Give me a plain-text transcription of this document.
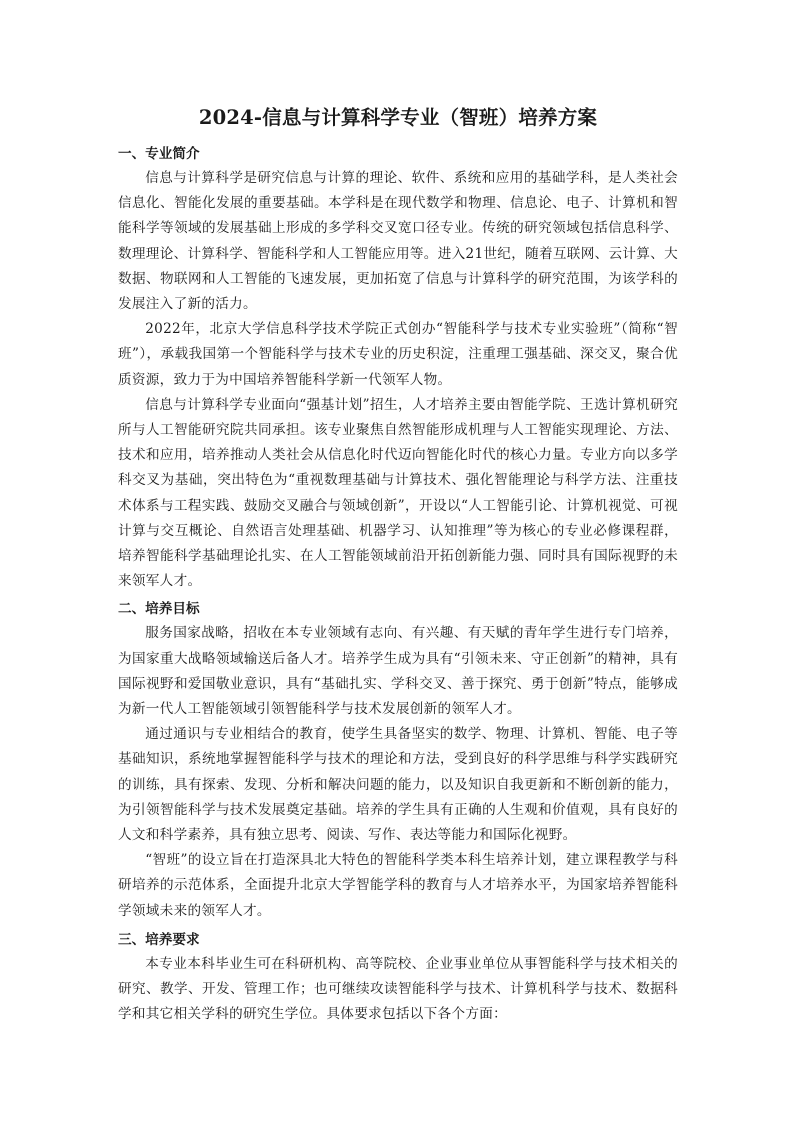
2024-信息与计算科学专业（智班）培养方案
一、专业简介

信息与计算科学是研究信息与计算的理论、软件、系统和应用的基础学科，是人类社会信息化、智能化发展的重要基础。本学科是在现代数学和物理、信息论、电子、计算机和智能科学等领域的发展基础上形成的多学科交叉宽口径专业。传统的研究领域包括信息科学、数理理论、计算科学、智能科学和人工智能应用等。进入21世纪，随着互联网、云计算、大数据、物联网和人工智能的飞速发展，更加拓宽了信息与计算科学的研究范围，为该学科的发展注入了新的活力。

2022年，北京大学信息科学技术学院正式创办“智能科学与技术专业实验班”（简称“智班”），承载我国第一个智能科学与技术专业的历史积淀，注重理工强基础、深交叉，聚合优质资源，致力于为中国培养智能科学新一代领军人物。

信息与计算科学专业面向“强基计划”招生，人才培养主要由智能学院、王选计算机研究所与人工智能研究院共同承担。该专业聚焦自然智能形成机理与人工智能实现理论、方法、技术和应用，培养推动人类社会从信息化时代迈向智能化时代的核心力量。专业方向以多学科交叉为基础，突出特色为“重视数理基础与计算技术、强化智能理论与科学方法、注重技术体系与工程实践、鼓励交叉融合与领域创新”，开设以“人工智能引论、计算机视觉、可视计算与交互概论、自然语言处理基础、机器学习、认知推理”等为核心的专业必修课程群，培养智能科学基础理论扎实、在人工智能领域前沿开拓创新能力强、同时具有国际视野的未来领军人才。

二、培养目标

服务国家战略，招收在本专业领域有志向、有兴趣、有天赋的青年学生进行专门培养，为国家重大战略领域输送后备人才。培养学生成为具有“引领未来、守正创新”的精神，具有国际视野和爱国敬业意识，具有“基础扎实、学科交叉、善于探究、勇于创新”特点，能够成为新一代人工智能领域引领智能科学与技术发展创新的领军人才。

通过通识与专业相结合的教育，使学生具备坚实的数学、物理、计算机、智能、电子等基础知识，系统地掌握智能科学与技术的理论和方法，受到良好的科学思维与科学实践研究的训练，具有探索、发现、分析和解决问题的能力，以及知识自我更新和不断创新的能力，为引领智能科学与技术发展奠定基础。培养的学生具有正确的人生观和价值观，具有良好的人文和科学素养，具有独立思考、阅读、写作、表达等能力和国际化视野。

“智班”的设立旨在打造深具北大特色的智能科学类本科生培养计划，建立课程教学与科研培养的示范体系，全面提升北京大学智能学科的教育与人才培养水平，为国家培养智能科学领域未来的领军人才。

三、培养要求

本专业本科毕业生可在科研机构、高等院校、企业事业单位从事智能科学与技术相关的研究、教学、开发、管理工作；也可继续攻读智能科学与技术、计算机科学与技术、数据科学和其它相关学科的研究生学位。具体要求包括以下各个方面：
